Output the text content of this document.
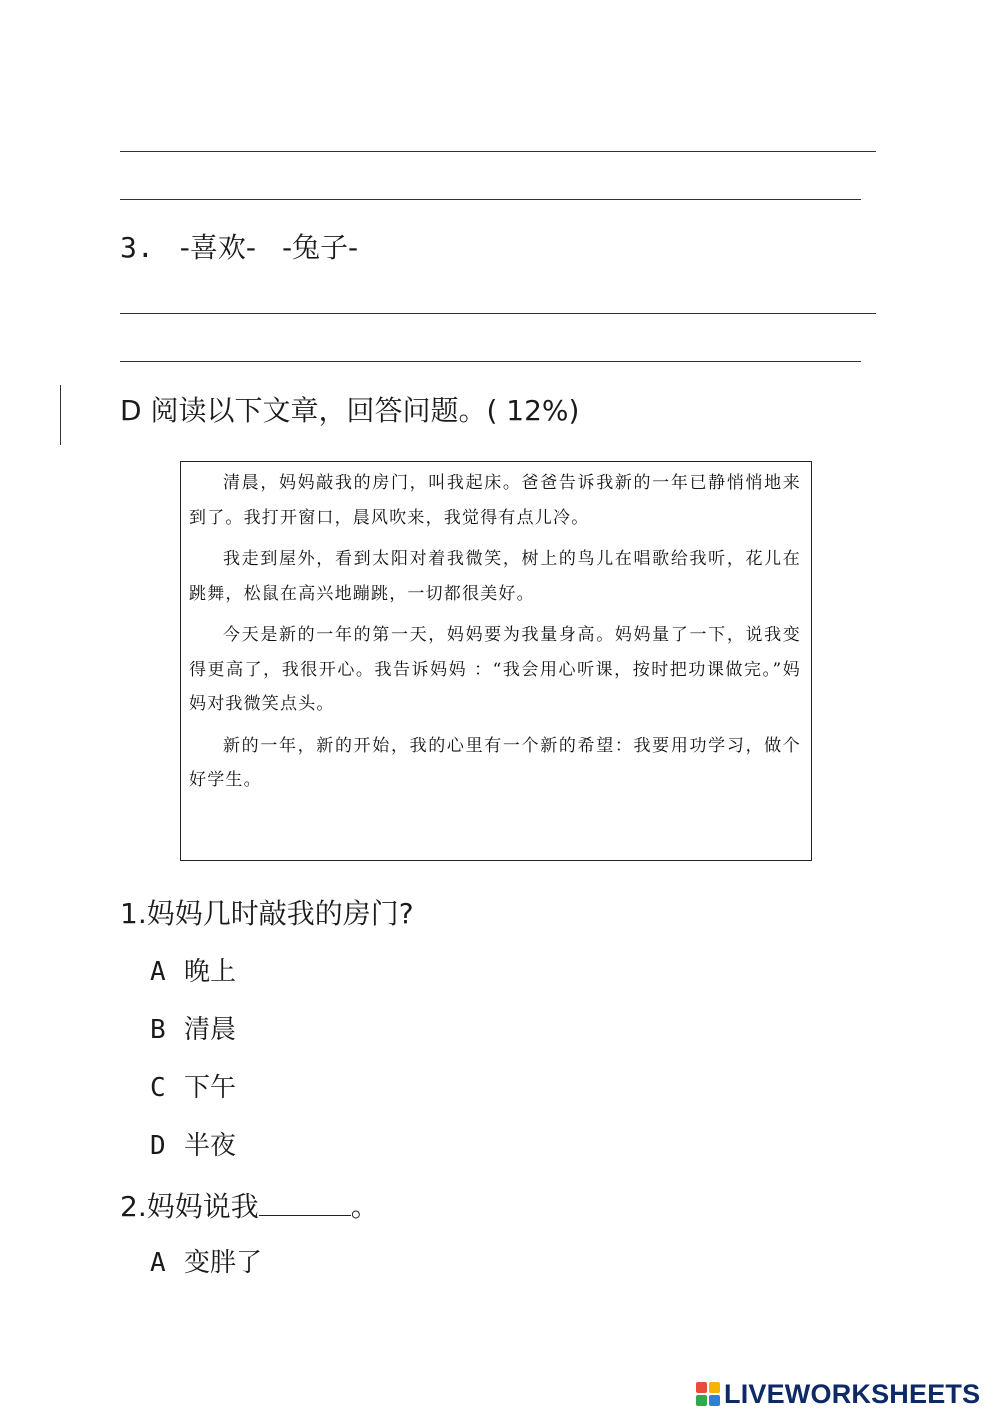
3. -喜欢- -兔子-
D 阅读以下文章，回答问题。( 12%)

清晨，妈妈敲我的房门，叫我起床。爸爸告诉我新的一年已静悄悄地来到了。我打开窗口，晨风吹来，我觉得有点儿冷。

我走到屋外，看到太阳对着我微笑，树上的鸟儿在唱歌给我听，花儿在跳舞，松鼠在高兴地蹦跳，一切都很美好。

今天是新的一年的第一天，妈妈要为我量身高。妈妈量了一下，说我变得更高了，我很开心。我告诉妈妈 ：“我会用心听课，按时把功课做完。”妈妈对我微笑点头。

新的一年，新的开始，我的心里有一个新的希望：我要用功学习，做个好学生。

1.妈妈几时敲我的房门?
A 晚上
B 清晨
C 下午
D 半夜
2.妈妈说我	。
A 变胖了
LIVEWORKSHEETS
